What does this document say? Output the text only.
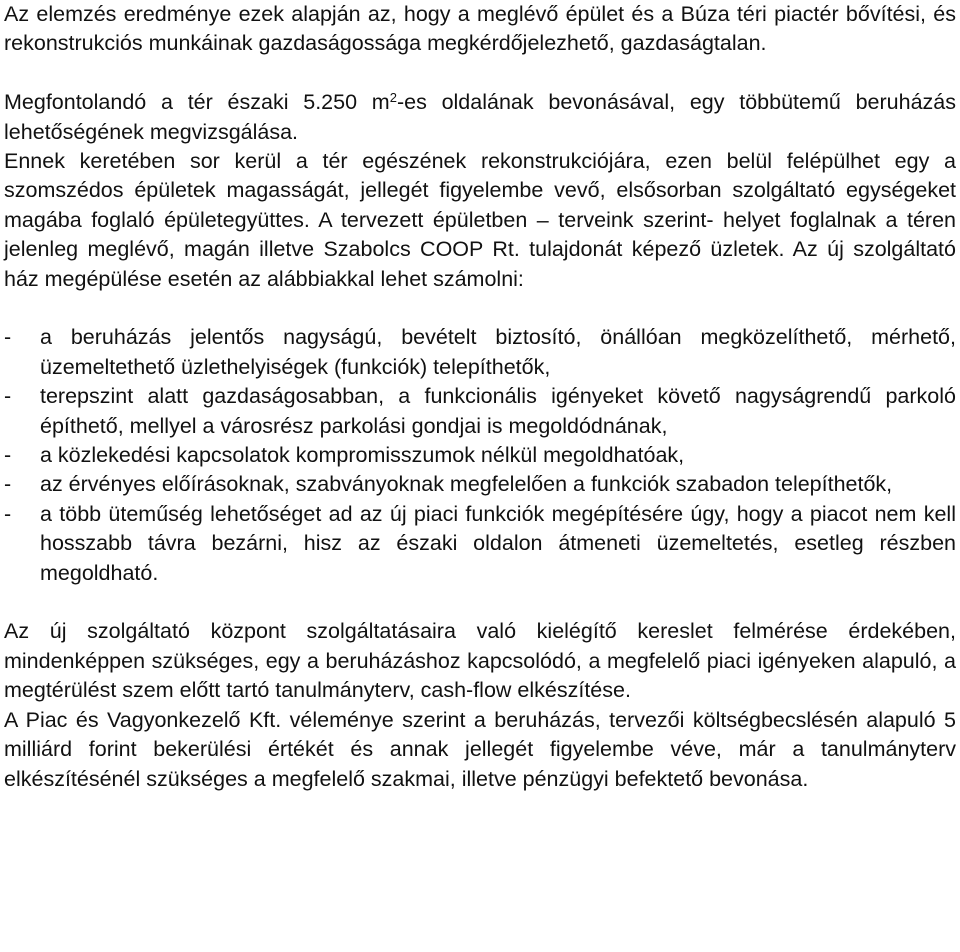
Az elemzés eredménye ezek alapján az, hogy a meglévő épület és a Búza téri piactér bővítési, és rekonstrukciós munkáinak gazdaságossága megkérdőjelezhető, gazdaságtalan.

Megfontolandó a tér északi 5.250 $m^2-es$ oldalának bevonásával, egy többütemű beruházás lehetőségének megvizsgálása.

Ennek keretében sor kerül a tér egészének rekonstrukciójára, ezen belül felépülhet egy a szomszédos épületek magasságát, jellegét figyelembe vevő, elsősorban szolgáltató egységeket magába foglaló épületegyüttes. A tervezett épületben – terveink szerint- helyet foglalnak a téren jelenleg meglévő, magán illetve Szabolcs COOP Rt. tulajdonát képező üzletek. Az új szolgáltató ház megépülése esetén az alábbiakkal lehet számolni:

- a beruházás jelentős nagyságú, bevételt biztosító, önállóan megközelíthető, mérhető, üzemeltethető üzlethelyiségek (funkciók) telepíthetők,
- terepszint alatt gazdaságosabban, a funkcionális igényeket követő nagyságrendű parkoló építhető, mellyel a városrész parkolási gondjai is megoldódnának,
- a közlekedési kapcsolatok kompromisszumok nélkül megoldhatóak,
- az érvényes előírásoknak, szabványoknak megfelelően a funkciók szabadon telepíthetők,
- a több üteműség lehetőséget ad az új piaci funkciók megépítésére úgy, hogy a piacot nem kell hosszabb távra bezárni, hisz az északi oldalon átmeneti üzemeltetés, esetleg részben megoldható.

Az új szolgáltató központ szolgáltatásaira való kielégítő kereslet felmérése érdekében, mindenképpen szükséges, egy a beruházáshoz kapcsolódó, a megfelelő piaci igényeken alapuló, a megtérülést szem előtt tartó tanulmányterv, cash-flow elkészítése.

A Piac és Vagyonkezelő Kft. véleménye szerint a beruházás, tervezői költségbecslésén alapuló 5 milliárd forint bekerülési értékét és annak jellegét figyelembe véve, már a tanulmányterv elkészítésénél szükséges a megfelelő szakmai, illetve pénzügyi befektető bevonása.
